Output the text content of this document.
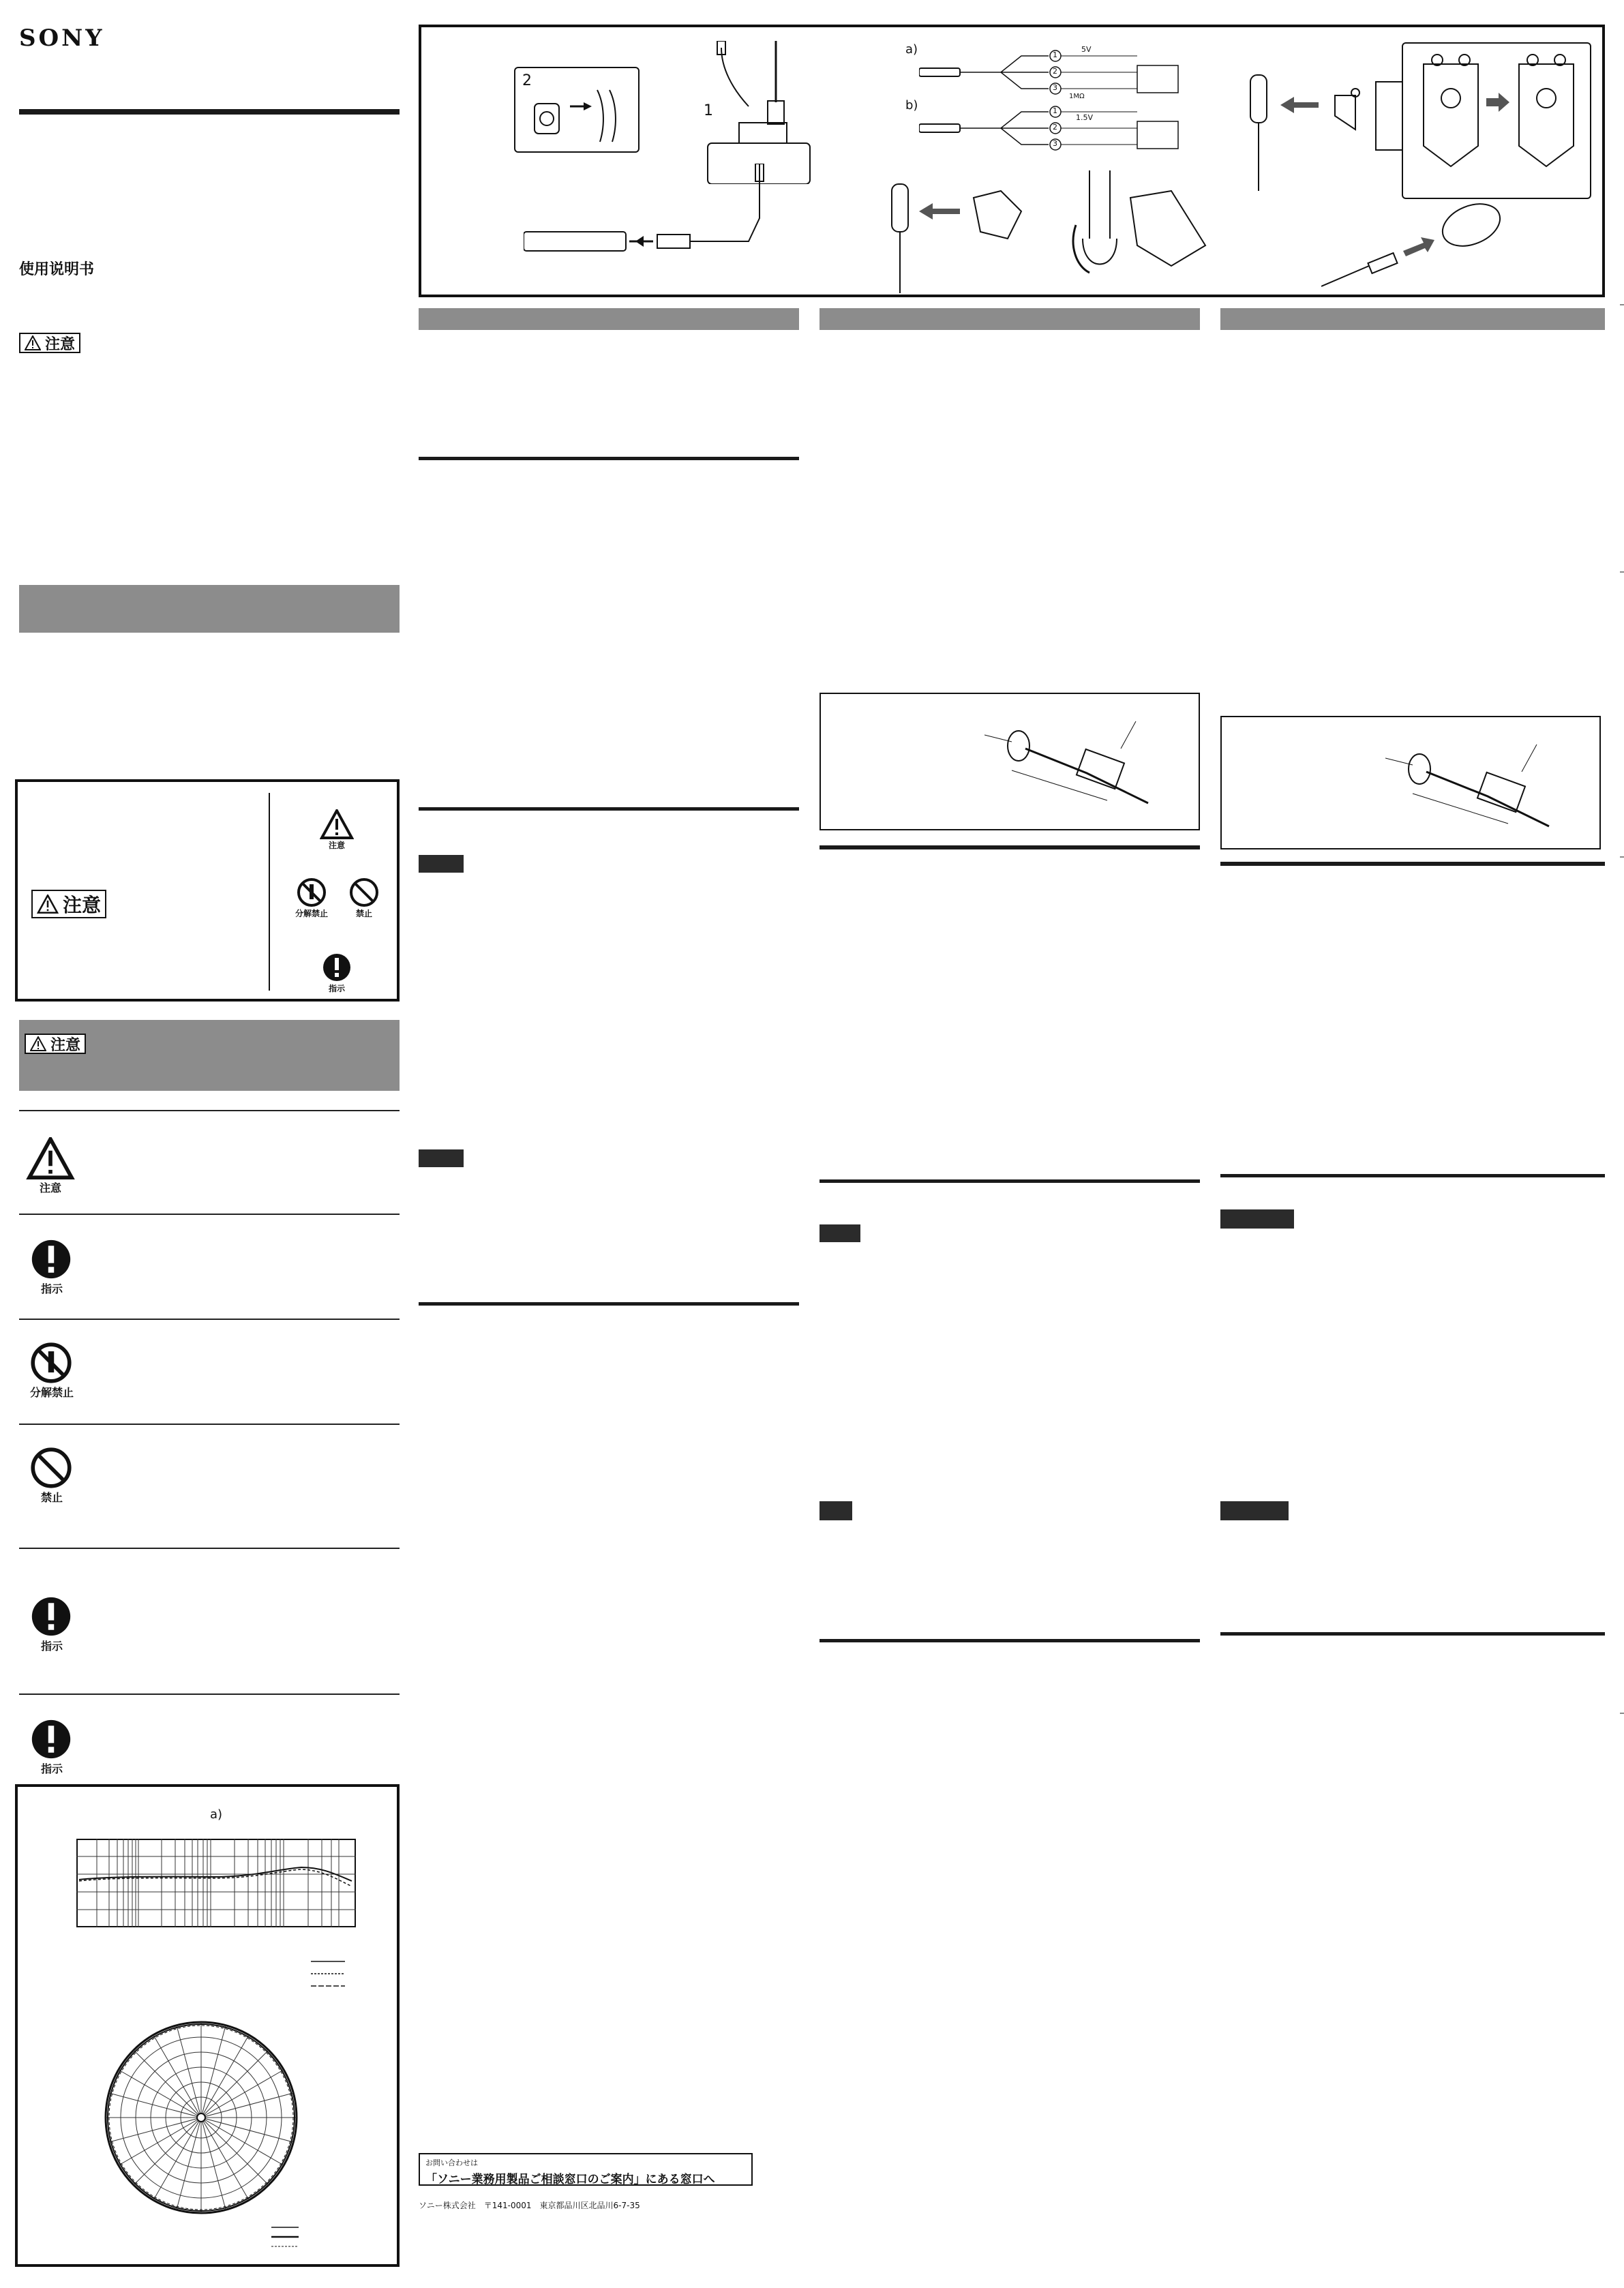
SONY
使用说明书
注意
注意
注意
分解禁止	禁止
指示
注意
注意
指示
分解禁止
禁止
指示
指示
a)
2
1
a)
b)
1
2
3
5V
1MΩ
1
2
3
1.5V
お問い合わせは
「ソニー業務用製品ご相談窓口のご案内」にある窓口へ
ソニー株式会社　〒141-0001　東京都品川区北品川6-7-35
